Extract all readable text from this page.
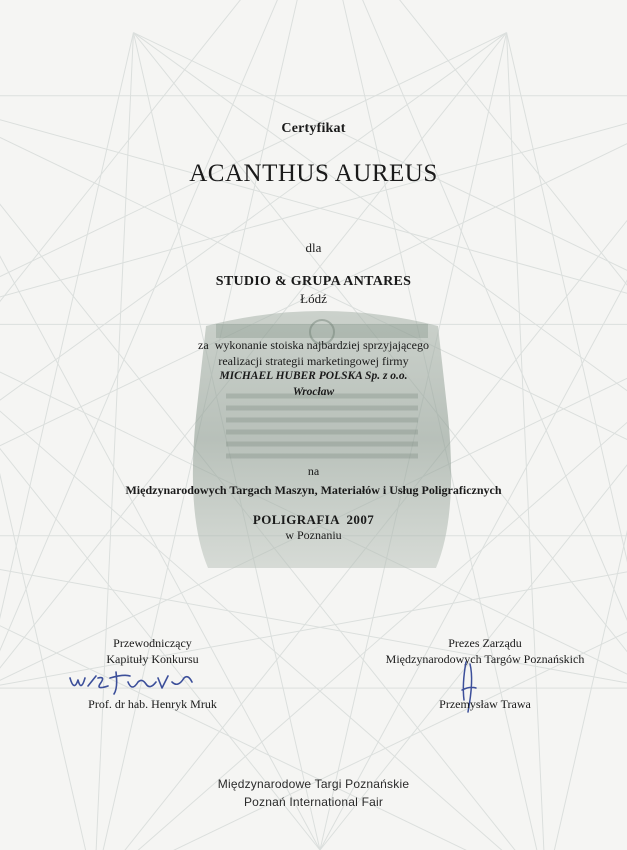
Certyfikat
ACANTHUS AUREUS
dla
STUDIO & GRUPA ANTARES
Łódź
za  wykonanie stoiska najbardziej sprzyjającego
realizacji strategii marketingowej firmy
MICHAEL HUBER POLSKA Sp. z o.o.
Wrocław
na
Międzynarodowych Targach Maszyn, Materiałów i Usług Poligraficznych
POLIGRAFIA  2007
w Poznaniu
Przewodniczący
Kapituły Konkursu
Prof. dr hab. Henryk Mruk
Prezes Zarządu
Międzynarodowych Targów Poznańskich
Przemysław Trawa
Międzynarodowe Targi Poznańskie
Poznań International Fair
